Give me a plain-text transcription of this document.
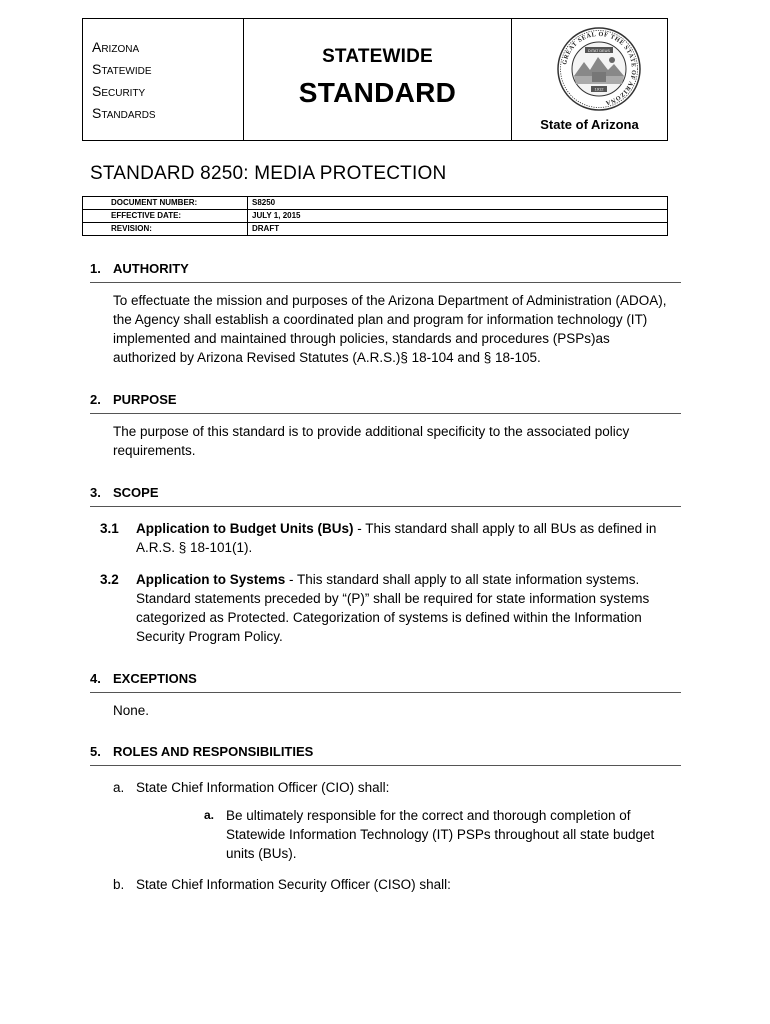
Arizona
Statewide
Security
Standards
STATEWIDE
STANDARD
GREAT SEAL OF THE STATE OF ARIZONA
DITAT DEUS
1912
State of Arizona
STANDARD 8250: MEDIA PROTECTION
DOCUMENT NUMBER:	S8250
EFFECTIVE DATE:	JULY 1, 2015
REVISION:	DRAFT
1. AUTHORITY
To effectuate the mission and purposes of the Arizona Department of Administration (ADOA), the Agency shall establish a coordinated plan and program for information technology (IT) implemented and maintained through policies, standards and procedures (PSPs)as authorized by Arizona Revised Statutes (A.R.S.)§ 18-104 and § 18-105.
2. PURPOSE
The purpose of this standard is to provide additional specificity to the associated policy requirements.
3. SCOPE
3.1 Application to Budget Units (BUs) - This standard shall apply to all BUs as defined in A.R.S. § 18-101(1).
3.2 Application to Systems - This standard shall apply to all state information systems. Standard statements preceded by “(P)” shall be required for state information systems categorized as Protected. Categorization of systems is defined within the Information Security Program Policy.
4. EXCEPTIONS
None.
5. ROLES AND RESPONSIBILITIES
a. State Chief Information Officer (CIO) shall:
a. Be ultimately responsible for the correct and thorough completion of Statewide Information Technology (IT) PSPs throughout all state budget units (BUs).
b. State Chief Information Security Officer (CISO) shall:
